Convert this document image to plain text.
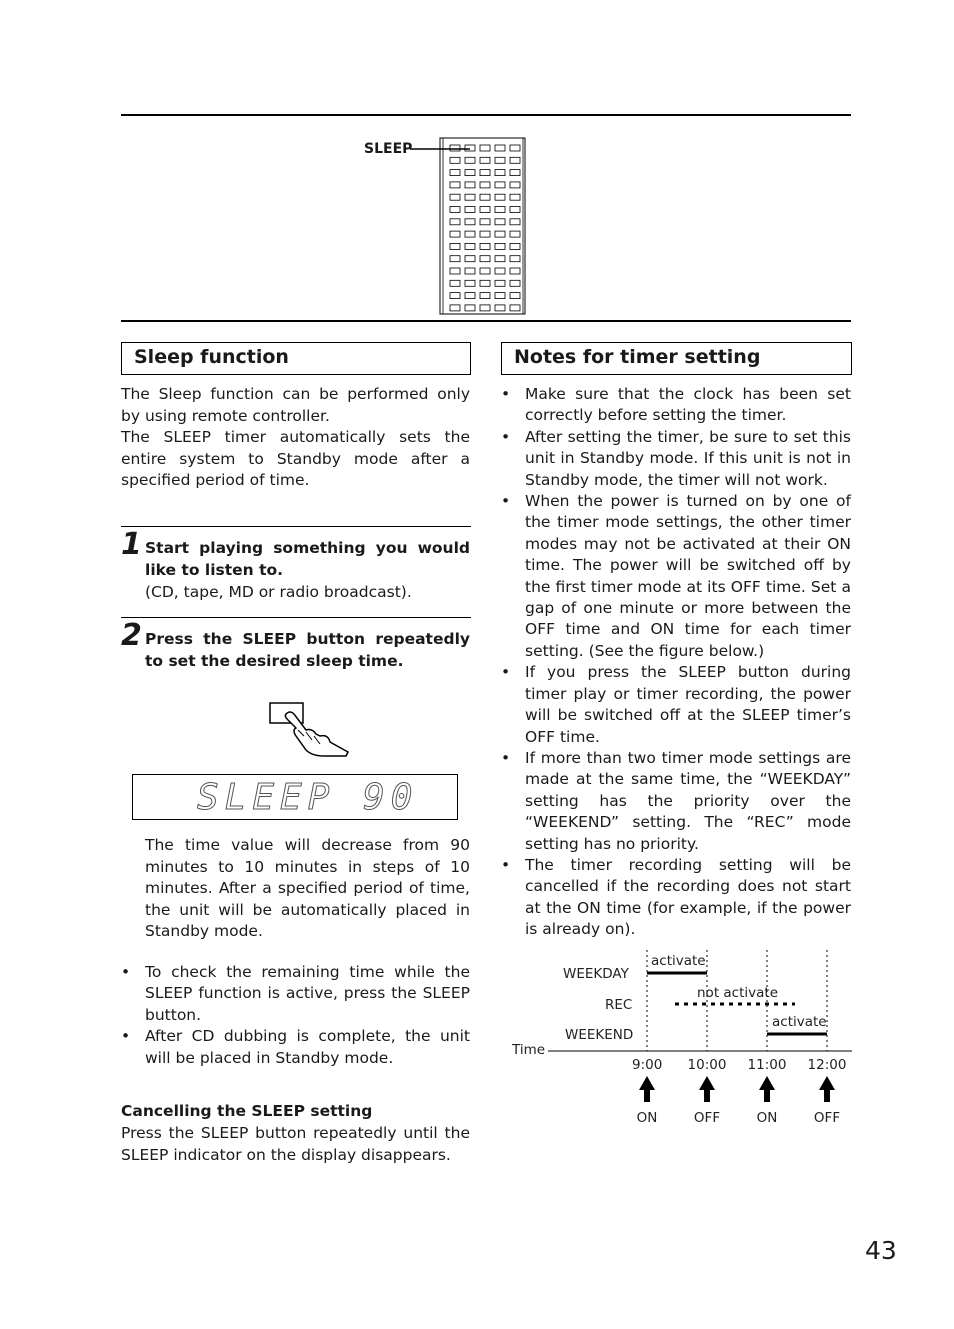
SLEEP
Sleep function

The Sleep function can be performed only by using remote controller.

The SLEEP timer automatically sets the entire system to Standby mode after a specified period of time.

1 Start playing something you would like to listen to.
(CD, tape, MD or radio broadcast).
2 Press the SLEEP button repeatedly to set the desired sleep time.
SLEEP 90

The time value will decrease from 90 minutes to 10 minutes in steps of 10 minutes. After a specified period of time, the unit will be automatically placed in Standby mode.

• To check the remaining time while the SLEEP function is active, press the SLEEP button.
• After CD dubbing is complete, the unit will be placed in Standby mode.
Cancelling the SLEEP setting

Press the SLEEP button repeatedly until the SLEEP indicator on the display disappears.

Notes for timer setting
• Make sure that the clock has been set correctly before setting the timer.
• After setting the timer, be sure to set this unit in Standby mode. If this unit is not in Standby mode, the timer will not work.
• When the power is turned on by one of the timer mode settings, the other timer modes may not be activated at their ON time. The power will be switched off by the first timer mode at its OFF time. Set a gap of one minute or more between the OFF time and ON time for each timer setting. (See the figure below.)
• If you press the SLEEP button during timer play or timer recording, the power will be switched off at the SLEEP timer’s OFF time.
• If more than two timer mode settings are made at the same time, the “WEEKDAY” setting has the priority over the “WEEKEND” setting. The “REC” mode setting has no priority.
• The timer recording setting will be cancelled if the recording does not start at the ON time (for example, if the power is already on).
WEEKDAY
REC
WEEKEND
Time
activate
not activate
activate
9:00 10:00 11:00 12:00
ON	OFF	ON	OFF
43
